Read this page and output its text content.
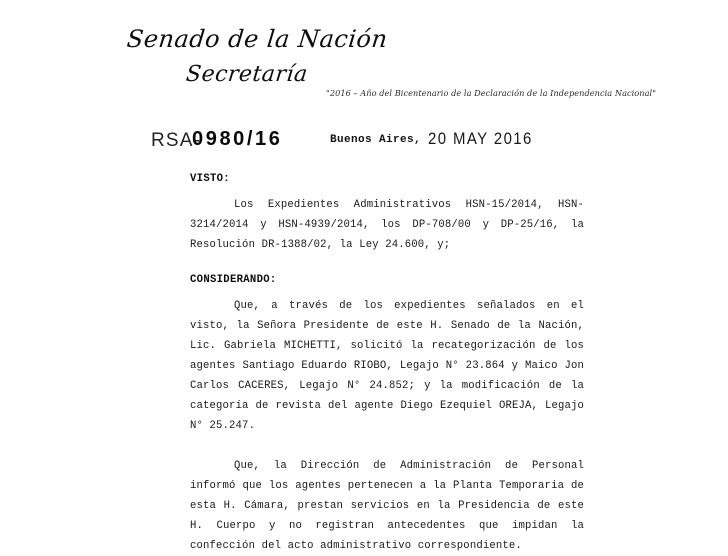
Senado de la Nación
Secretaría
"2016 – Año del Bicentenario de la Declaración de la Independencia Nacional"
RSA-
0980/16	Buenos Aires, 20 MAY 2016
VISTO:

Los Expedientes Administrativos HSN-15/2014, HSN-3214/2014 y HSN-4939/2014, los DP-708/00 y DP-25/16, la Resolución DR-1388/02, la Ley 24.600, y;

CONSIDERANDO:

Que, a través de los expedientes señalados en el visto, la Señora Presidente de este H. Senado de la Nación, Lic. Gabriela MICHETTI, solicitó la recategorización de los agentes Santiago Eduardo RIOBO, Legajo N° 23.864 y Maico Jon Carlos CACERES, Legajo N° 24.852; y la modificación de la categoría de revista del agente Diego Ezequiel OREJA, Legajo N° 25.247.

Que, la Dirección de Administración de Personal informó que los agentes pertenecen a la Planta Temporaria de esta H. Cámara, prestan servicios en la Presidencia de este H. Cuerpo y no registran antecedentes que impidan la confección del acto administrativo correspondiente.
